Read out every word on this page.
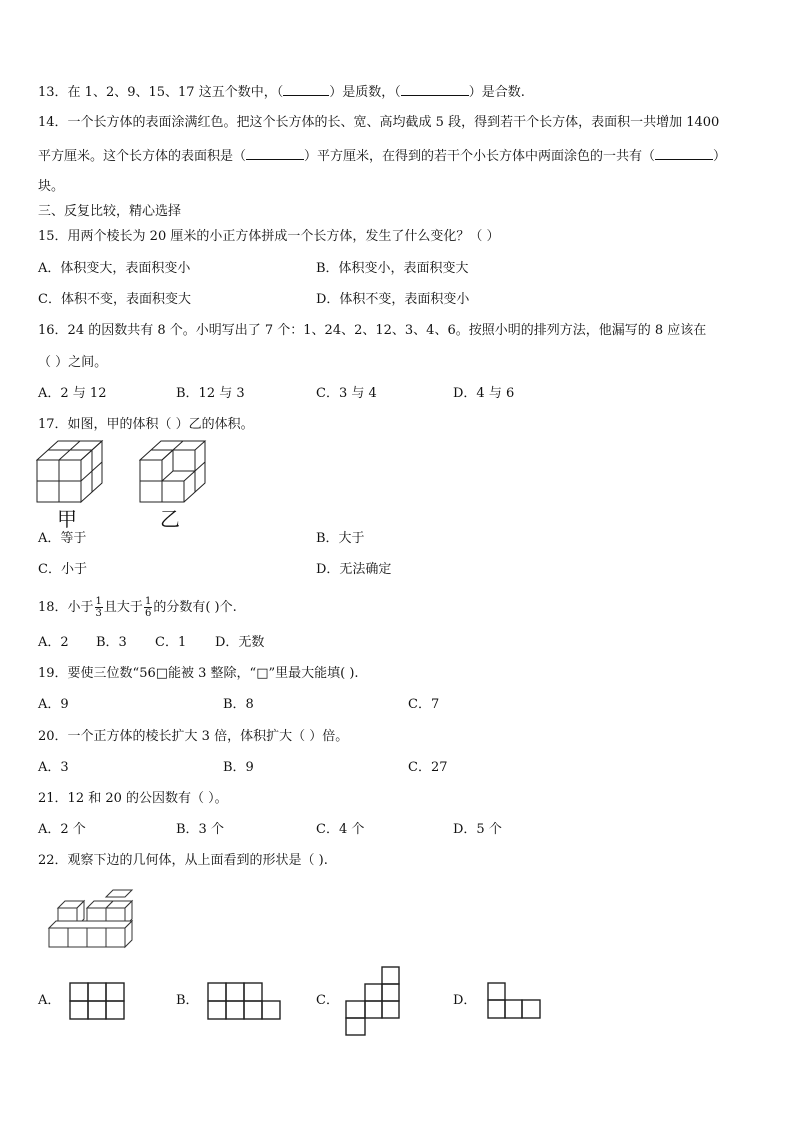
13．在 1、2、9、15、17 这五个数中，（	）是质数，（	）是合数.
14．一个长方体的表面涂满红色。把这个长方体的长、宽、高均截成 5 段，得到若干个长方体，表面积一共增加 1400
平方厘米。这个长方体的表面积是（	）平方厘米，在得到的若干个小长方体中两面涂色的一共有（	）
块。
三、反复比较，精心选择
15．用两个棱长为 20 厘米的小正方体拼成一个长方体，发生了什么变化？（ ）
A．体积变大，表面积变小	B．体积变小，表面积变大
C．体积不变，表面积变大	D．体积不变，表面积变小
16．24 的因数共有 8 个。小明写出了 7 个：1、24、2、12、3、4、6。按照小明的排列方法，他漏写的 8 应该在
（ ）之间。
A．2 与 12	B．12 与 3	C．3 与 4	D．4 与 6
17．如图，甲的体积（ ）乙的体积。
甲	乙
A．等于	B．大于
C．小于	D．无法确定
18．小于 $\frac{1}{3}$ 且大于 $\frac{1}{6}$ 的分数有( )个.
A．2 B．3 C．1 D．无数
19．要使三位数“56□能被 3 整除，“□”里最大能填( ).
A．9	B．8	C．7
20．一个正方体的棱长扩大 3 倍，体积扩大（ ）倍。
A．3	B．9	C．27
21．12 和 20 的公因数有（ ）。
A．2 个	B．3 个	C．4 个	D．5 个
22．观察下边的几何体，从上面看到的形状是（ ).
A．	B．	C．	D．
